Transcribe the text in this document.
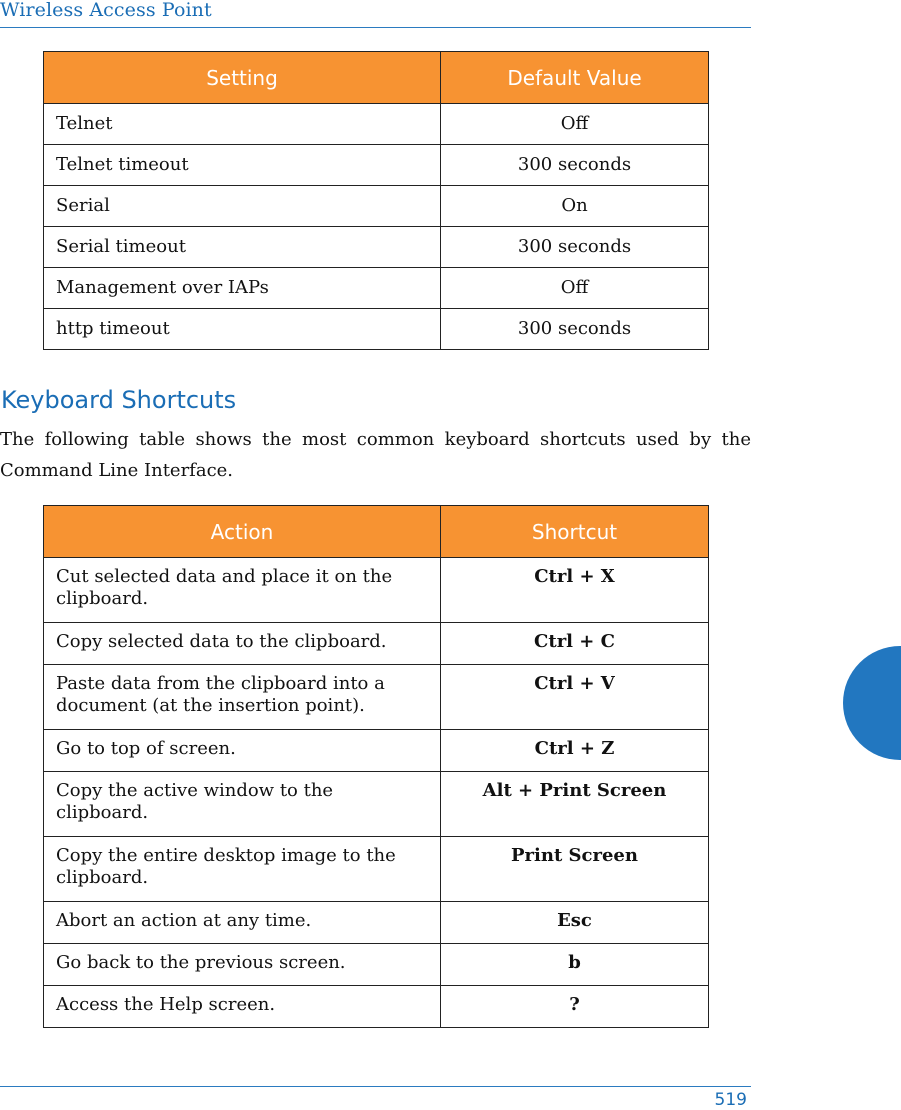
Wireless Access Point
Setting	Default Value
Telnet	Off
Telnet timeout	300 seconds
Serial	On
Serial timeout	300 seconds
Management over IAPs	Off
http timeout	300 seconds
Keyboard Shortcuts

The following table shows the most common keyboard shortcuts used by the Command Line Interface.

Action	Shortcut
Cut selected data and place it on the clipboard.	Ctrl + X
Copy selected data to the clipboard.	Ctrl + C
Paste data from the clipboard into a document (at the insertion point).	Ctrl + V
Go to top of screen.	Ctrl + Z
Copy the active window to the clipboard.	Alt + Print Screen
Copy the entire desktop image to the clipboard.	Print Screen
Abort an action at any time.	Esc
Go back to the previous screen.	b
Access the Help screen.	?
519
